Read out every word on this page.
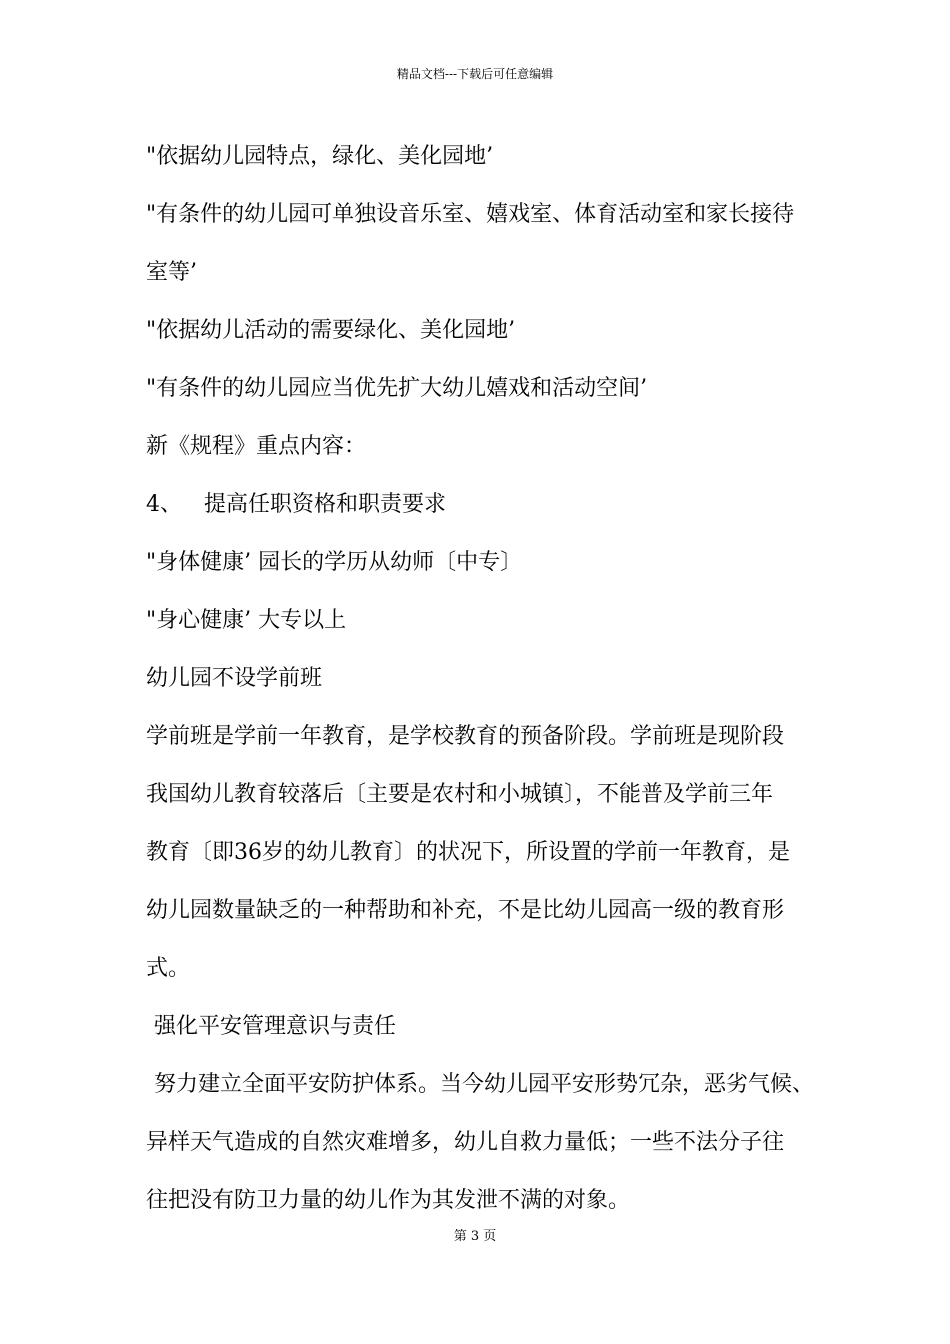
精品文档---下载后可任意编辑
"依据幼儿园特点，绿化、美化园地’
"有条件的幼儿园可单独设音乐室、嬉戏室、体育活动室和家长接待
室等’
"依据幼儿活动的需要绿化、美化园地’
"有条件的幼儿园应当优先扩大幼儿嬉戏和活动空间’
新《规程》重点内容：
4、 提高任职资格和职责要求
"身体健康’ 园长的学历从幼师〔中专〕
"身心健康’ 大专以上
幼儿园不设学前班
学前班是学前一年教育，是学校教育的预备阶段。学前班是现阶段
我国幼儿教育较落后〔主要是农村和小城镇〕，不能普及学前三年
教育〔即36岁的幼儿教育〕的状况下，所设置的学前一年教育，是
幼儿园数量缺乏的一种帮助和补充，不是比幼儿园高一级的教育形
式。
强化平安管理意识与责任
努力建立全面平安防护体系。当今幼儿园平安形势冗杂，恶劣气候、
异样天气造成的自然灾难增多，幼儿自救力量低；一些不法分子往
往把没有防卫力量的幼儿作为其发泄不满的对象。
第 3 页
